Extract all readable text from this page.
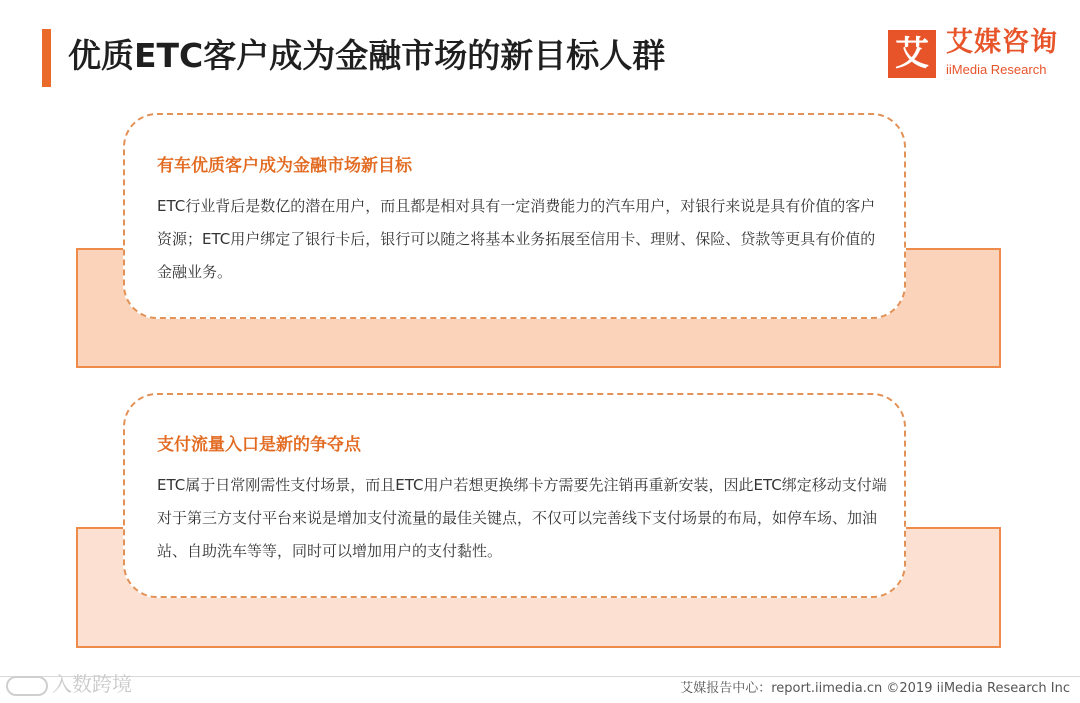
优质ETC客户成为金融市场的新目标人群	艾 艾媒咨询
iiMedia Research
有车优质客户成为金融市场新目标
ETC行业背后是数亿的潜在用户，而且都是相对具有一定消费能力的汽车用户，对银行来说是具有价值的客户资源；ETC用户绑定了银行卡后，银行可以随之将基本业务拓展至信用卡、理财、保险、贷款等更具有价值的金融业务。
支付流量入口是新的争夺点
ETC属于日常刚需性支付场景，而且ETC用户若想更换绑卡方需要先注销再重新安装，因此ETC绑定移动支付端对于第三方支付平台来说是增加支付流量的最佳关键点，不仅可以完善线下支付场景的布局，如停车场、加油站、自助洗车等等，同时可以增加用户的支付黏性。
入数跨境	艾媒报告中心：report.iimedia.cn ©2019 iiMedia Research Inc
